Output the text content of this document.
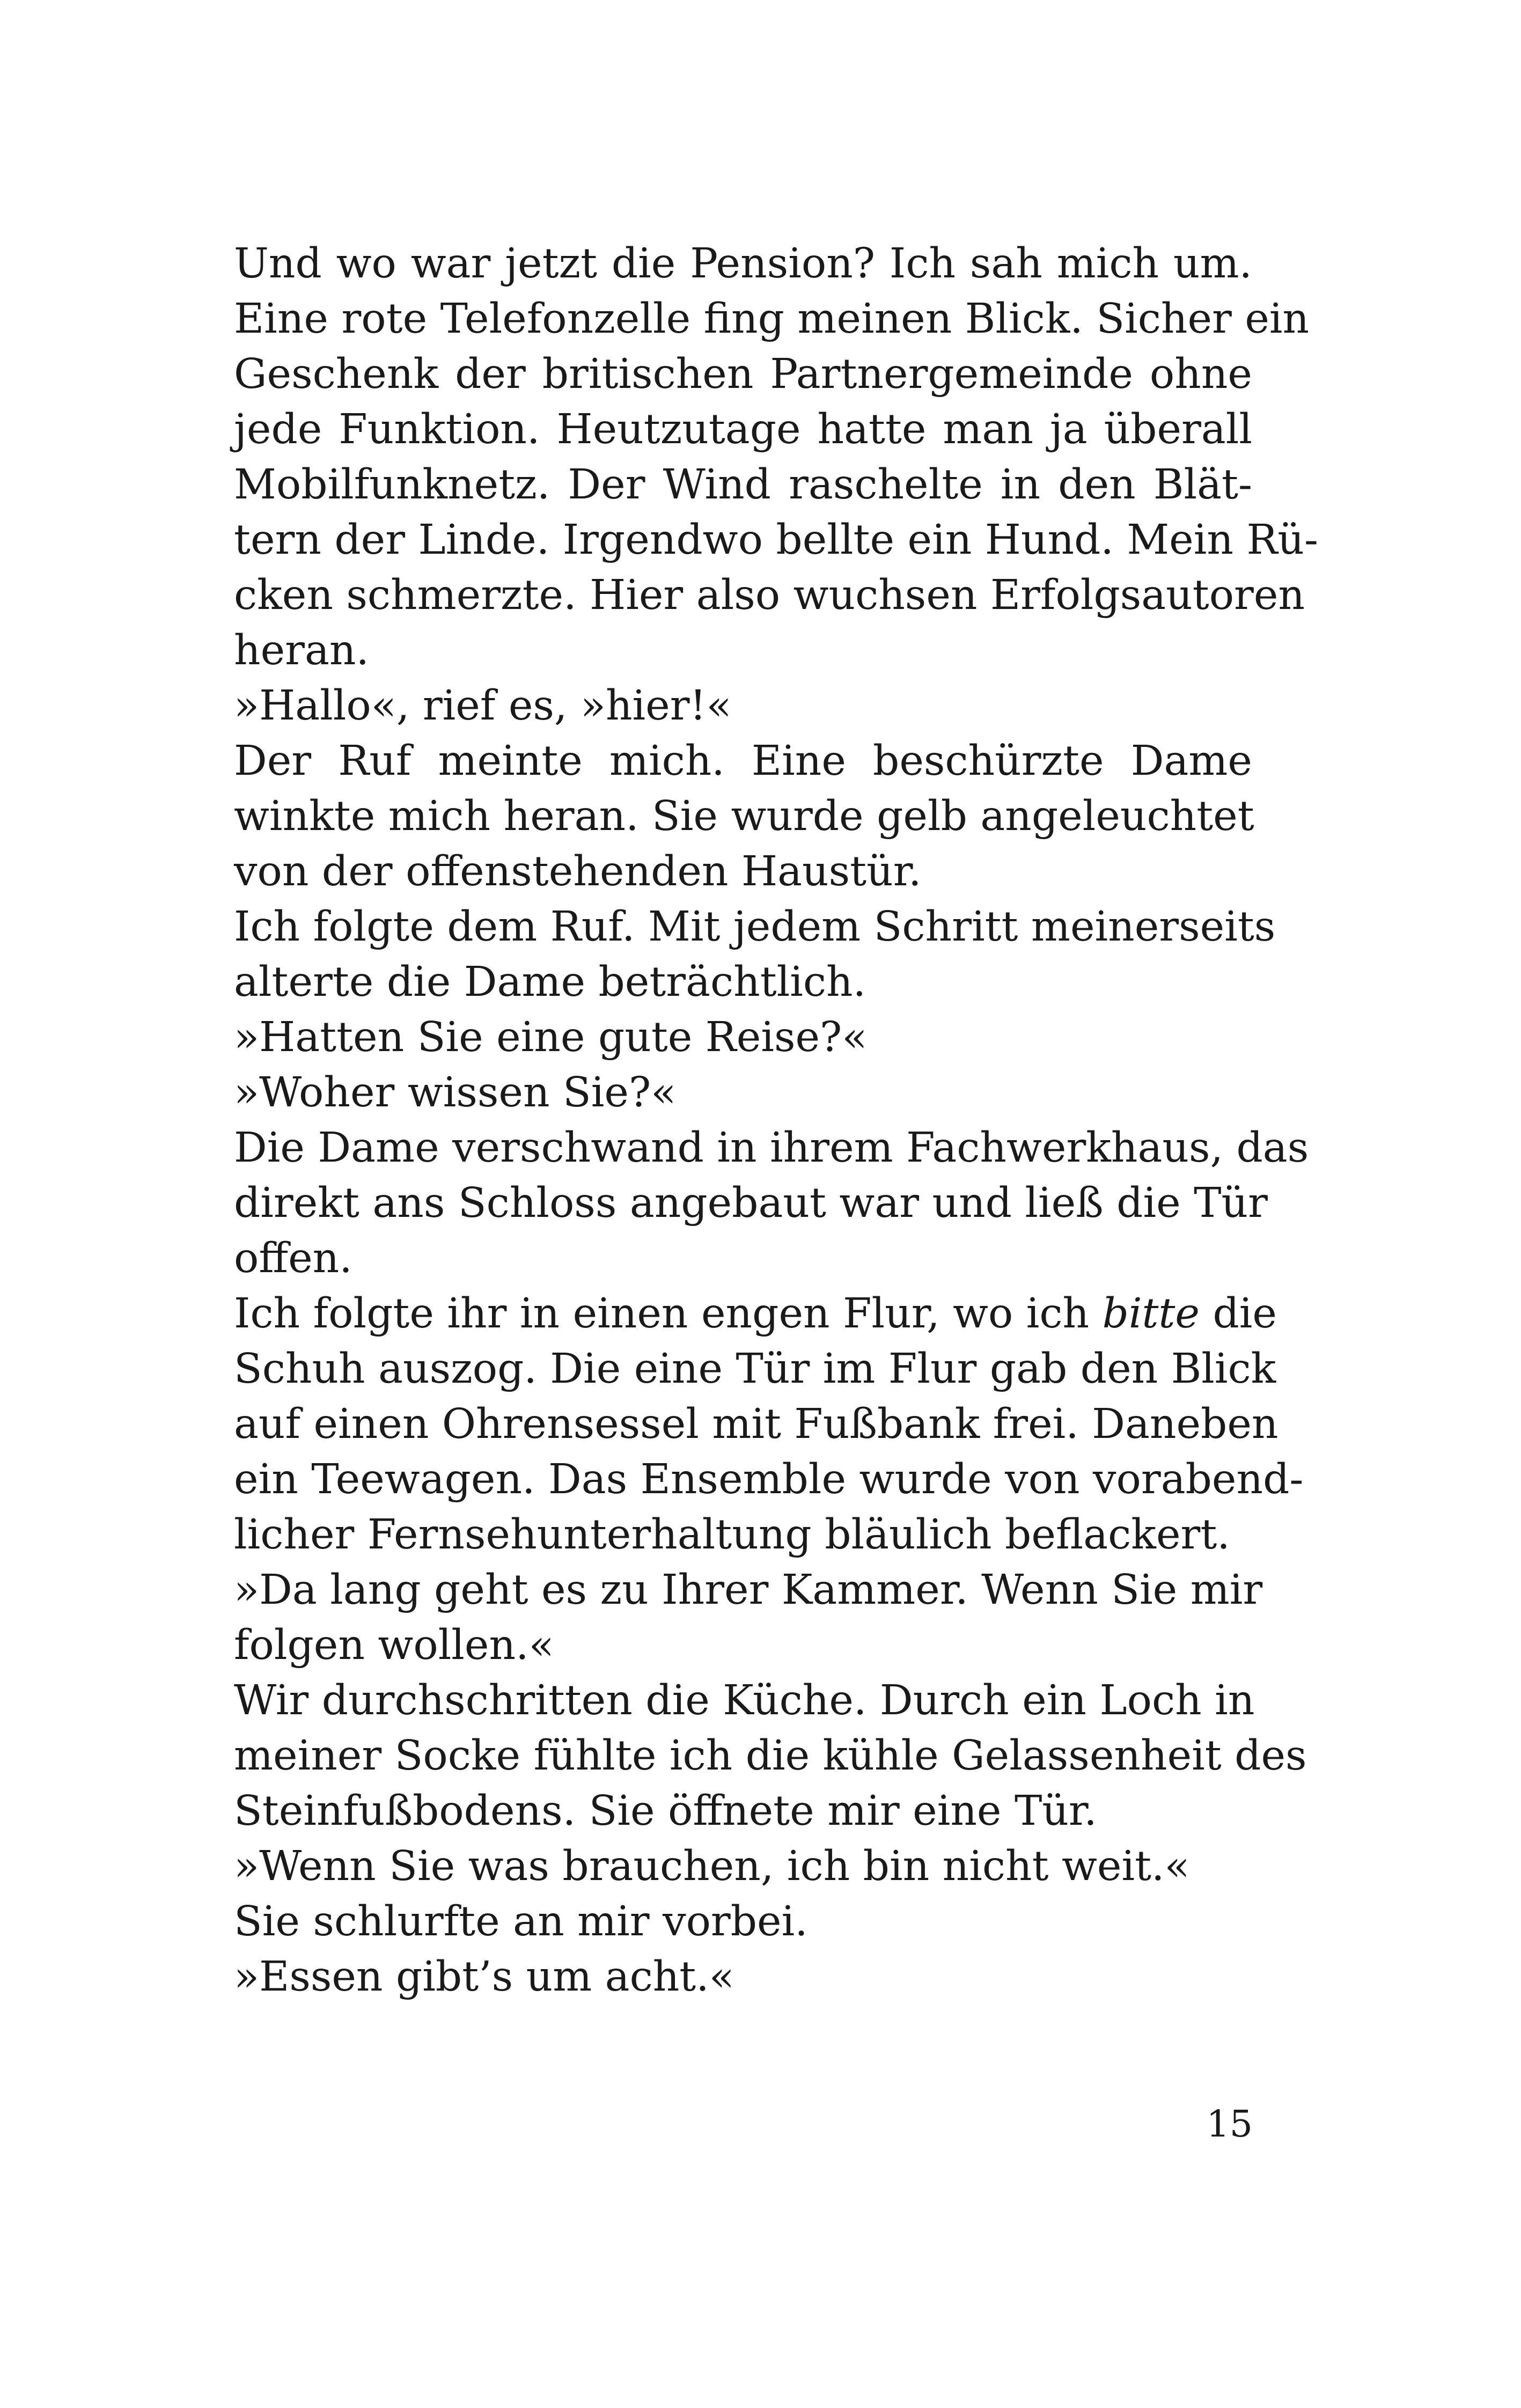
Und wo war jetzt die Pension? Ich sah mich um.
Eine rote Telefonzelle fing meinen Blick. Sicher ein
Geschenk der britischen Partnergemeinde ohne
jede Funktion. Heutzutage hatte man ja überall
Mobilfunknetz. Der Wind raschelte in den Blät-
tern der Linde. Irgendwo bellte ein Hund. Mein Rü-
cken schmerzte. Hier also wuchsen Erfolgsautoren
heran.
»Hallo«, rief es, »hier!«
Der Ruf meinte mich. Eine beschürzte Dame
winkte mich heran. Sie wurde gelb angeleuchtet
von der offenstehenden Haustür.
Ich folgte dem Ruf. Mit jedem Schritt meinerseits
alterte die Dame beträchtlich.
»Hatten Sie eine gute Reise?«
»Woher wissen Sie?«
Die Dame verschwand in ihrem Fachwerkhaus, das
direkt ans Schloss angebaut war und ließ die Tür
offen.
Ich folgte ihr in einen engen Flur, wo ich bitte die
Schuh auszog. Die eine Tür im Flur gab den Blick
auf einen Ohrensessel mit Fußbank frei. Daneben
ein Teewagen. Das Ensemble wurde von vorabend-
licher Fernsehunterhaltung bläulich beflackert.
»Da lang geht es zu Ihrer Kammer. Wenn Sie mir
folgen wollen.«
Wir durchschritten die Küche. Durch ein Loch in
meiner Socke fühlte ich die kühle Gelassenheit des
Steinfußbodens. Sie öffnete mir eine Tür.
»Wenn Sie was brauchen, ich bin nicht weit.«
Sie schlurfte an mir vorbei.
»Essen gibt’s um acht.«
15
